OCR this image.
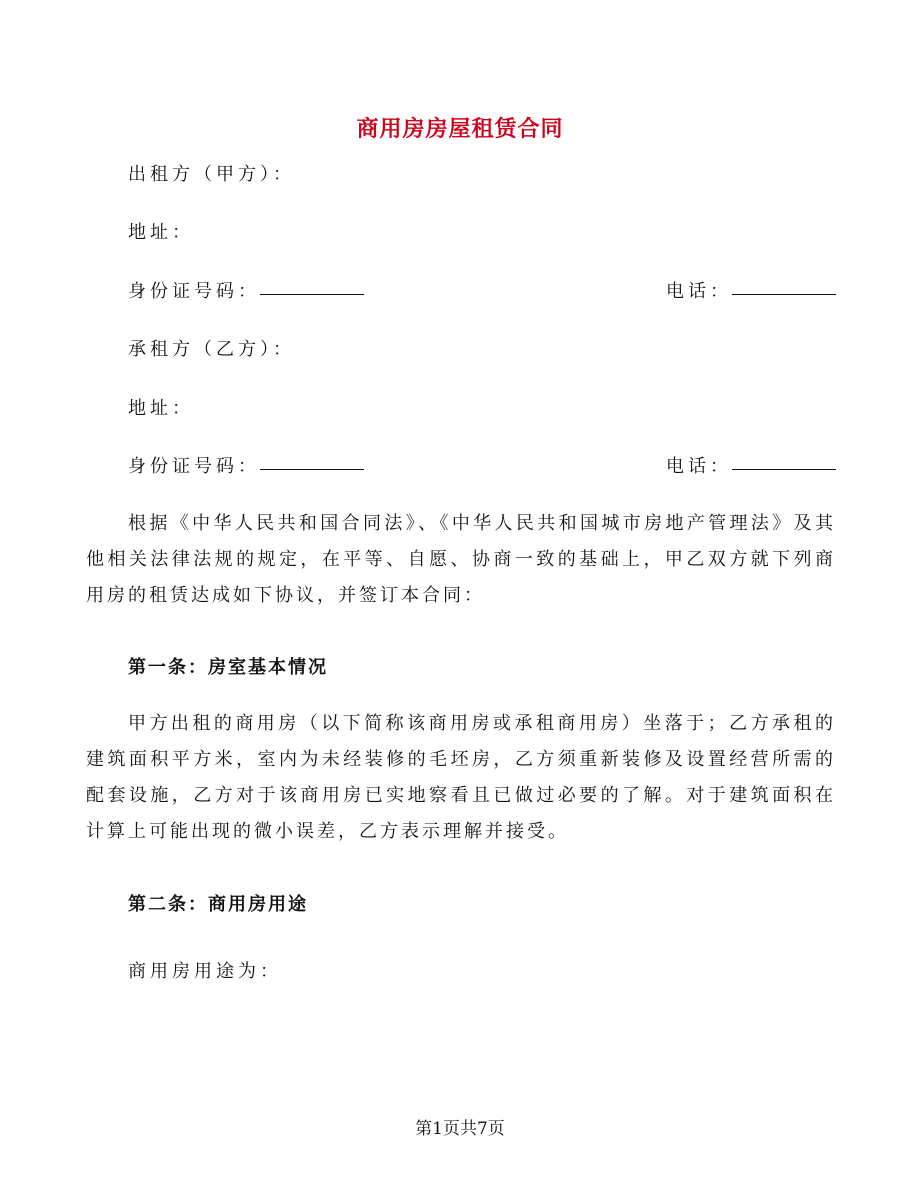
商用房房屋租赁合同
出租方（甲方）：
地址：
身份证号码：	电话：
承租方（乙方）：
地址：
身份证号码：	电话：
根据《中华人民共和国合同法》、《中华人民共和国城市房地产管理法》及其他相关法律法规的规定，在平等、自愿、协商一致的基础上，甲乙双方就下列商用房的租赁达成如下协议，并签订本合同：
第一条：房室基本情况
甲方出租的商用房（以下简称该商用房或承租商用房）坐落于；乙方承租的建筑面积平方米，室内为未经装修的毛坯房，乙方须重新装修及设置经营所需的配套设施，乙方对于该商用房已实地察看且已做过必要的了解。对于建筑面积在计算上可能出现的微小误差，乙方表示理解并接受。
第二条：商用房用途
商用房用途为：
第1页共7页
